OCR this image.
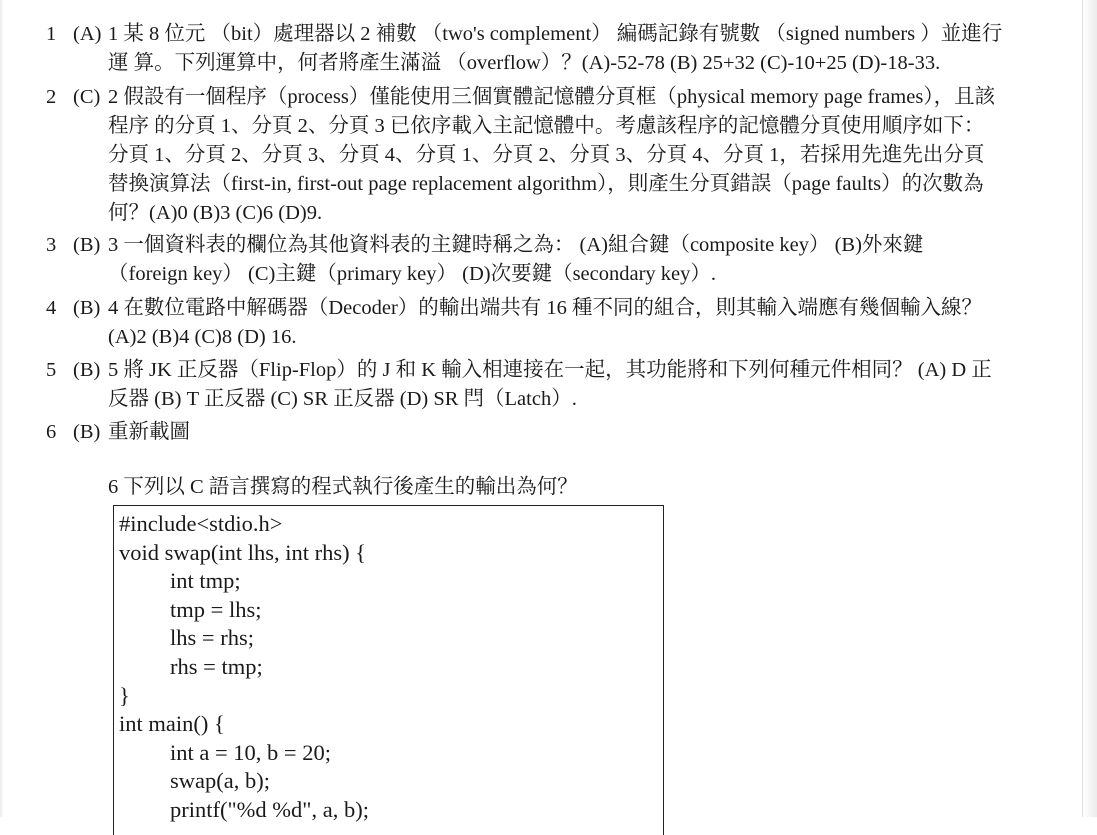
1 (A) 1 某 8 位元 （bit）處理器以 2 補數 （two's complement） 編碼記錄有號數 （signed numbers ）並進行
運 算。下列運算中，何者將產生滿溢 （overflow）？(A)-52-78 (B) 25+32 (C)-10+25 (D)-18-33.
2 (C) 2 假設有一個程序（process）僅能使用三個實體記憶體分頁框（physical memory page frames），且該
程序 的分頁 1、分頁 2、分頁 3 已依序載入主記憶體中。考慮該程序的記憶體分頁使用順序如下：
分頁 1、分頁 2、分頁 3、分頁 4、分頁 1、分頁 2、分頁 3、分頁 4、分頁 1，若採用先進先出分頁
替換演算法（first-in, first-out page replacement algorithm），則產生分頁錯誤（page faults）的次數為
何？(A)0 (B)3 (C)6 (D)9.
3 (B) 3 一個資料表的欄位為其他資料表的主鍵時稱之為： (A)組合鍵（composite key） (B)外來鍵
（foreign key） (C)主鍵（primary key） (D)次要鍵（secondary key）.
4 (B) 4 在數位電路中解碼器（Decoder）的輸出端共有 16 種不同的組合，則其輸入端應有幾個輸入線？
(A)2 (B)4 (C)8 (D) 16.
5 (B) 5 將 JK 正反器（Flip-Flop）的 J 和 K 輸入相連接在一起，其功能將和下列何種元件相同？ (A) D 正
反器 (B) T 正反器 (C) SR 正反器 (D) SR 閂（Latch）.
6 (B) 重新載圖
6 下列以 C 語言撰寫的程式執行後產生的輸出為何？
#include<stdio.h>
void swap(int lhs, int rhs) {
int tmp;
tmp = lhs;
lhs = rhs;
rhs = tmp;
}
int main() {
int a = 10, b = 20;
swap(a, b);
printf("%d %d", a, b);
